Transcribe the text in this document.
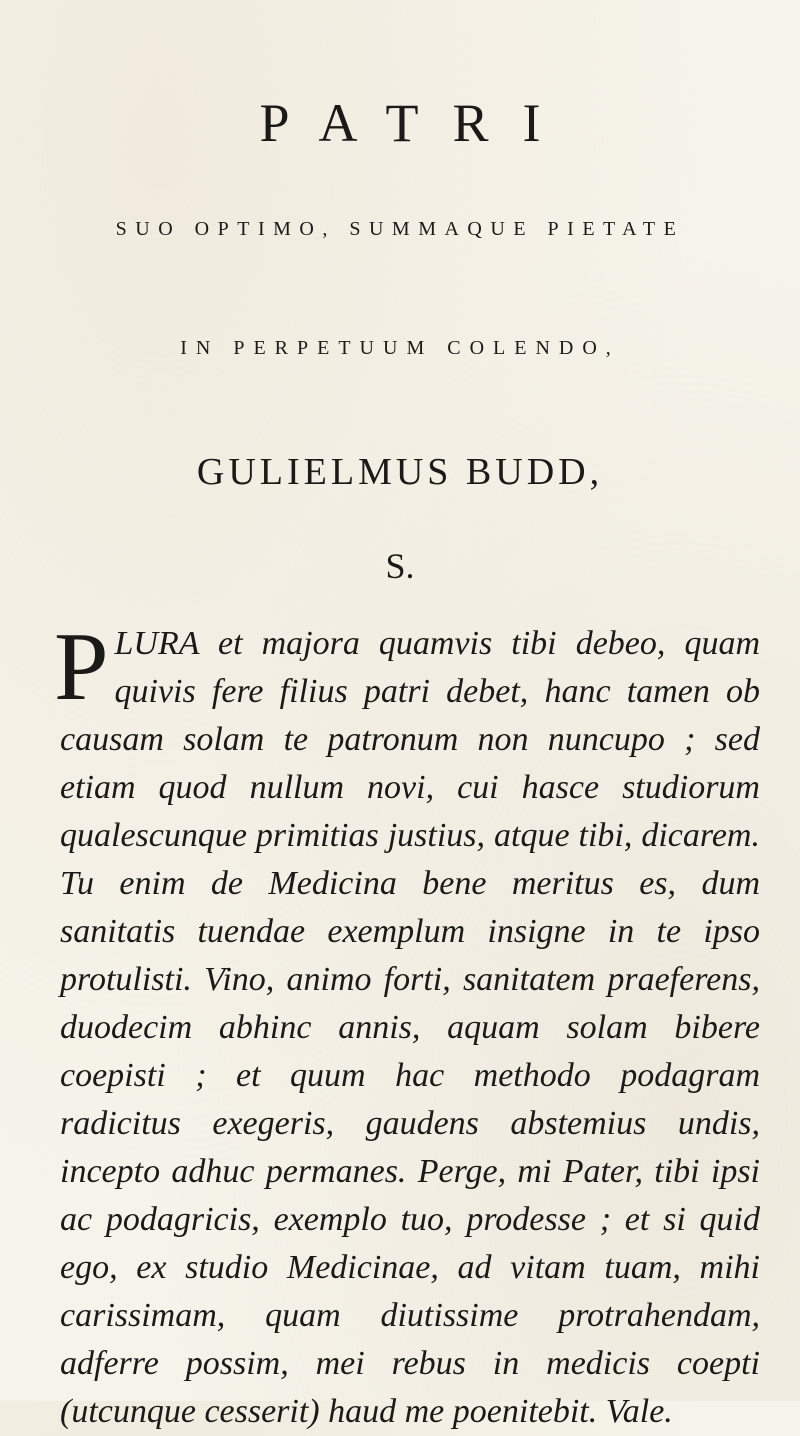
PATRI

SUO OPTIMO, SUMMAQUE PIETATE

IN PERPETUUM COLENDO,

GULIELMUS BUDD,

S.

PLURA et majora quamvis tibi debeo, quam quivis fere filius patri debet, hanc tamen ob causam solam te patronum non nuncupo ; sed etiam quod nullum novi, cui hasce studiorum qualescunque primitias justius, atque tibi, dicarem. Tu enim de Medicina bene meritus es, dum sanitatis tuendae exemplum insigne in te ipso protulisti. Vino, animo forti, sanitatem praeferens, duodecim abhinc annis, aquam solam bibere coepisti ; et quum hac methodo podagram radicitus exegeris, gaudens abstemius undis, incepto adhuc permanes. Perge, mi Pater, tibi ipsi ac podagricis, exemplo tuo, prodesse ; et si quid ego, ex studio Medicinae, ad vitam tuam, mihi carissimam, quam diutissime protrahendam, adferre possim, mei rebus in medicis coepti (utcunque cesserit) haud me poenitebit. Vale.
